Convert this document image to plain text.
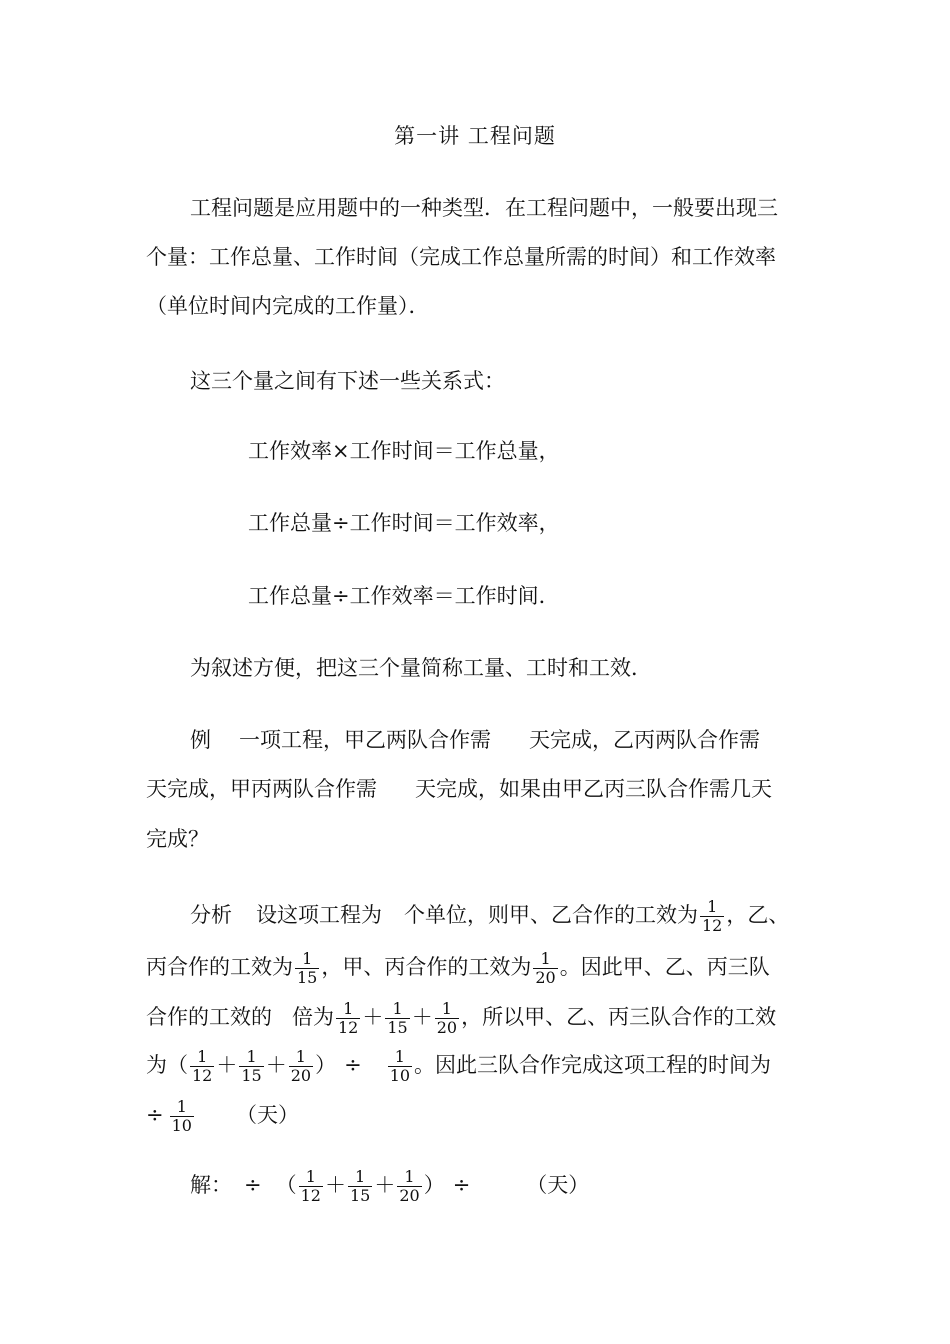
第一讲 工程问题
工程问题是应用题中的一种类型．在工程问题中，一般要出现三
个量：工作总量、工作时间（完成工作总量所需的时间）和工作效率
（单位时间内完成的工作量）．
这三个量之间有下述一些关系式：
工作效率×工作时间＝工作总量，
工作总量÷工作时间＝工作效率，
工作总量÷工作效率＝工作时间．
为叙述方便，把这三个量简称工量、工时和工效．
例 一项工程，甲乙两队合作需 天完成，乙丙两队合作需
天完成，甲丙两队合作需 天完成，如果由甲乙丙三队合作需几天
完成？
分析 设这项工程为 个单位，则甲、乙合作的工效为 $\frac{1}{12}$ ，乙、
丙合作的工效为 $\frac{1}{15}$ ，甲、丙合作的工效为 $\frac{1}{20}$ 。因此甲、乙、丙三队
合作的工效的 倍为 $\frac{1}{12} + \frac{1}{15} + \frac{1}{20}$ ，所以甲、乙、丙三队合作的工效
为（ $\frac{1}{12} + \frac{1}{15} + \frac{1}{20}$ ） ÷ $\frac{1}{10}$ 。因此三队合作完成这项工程的时间为
÷ $\frac{1}{10}$ （天）
解： ÷ （ $\frac{1}{12} + \frac{1}{15} + \frac{1}{20}$ ） ÷	（天）
